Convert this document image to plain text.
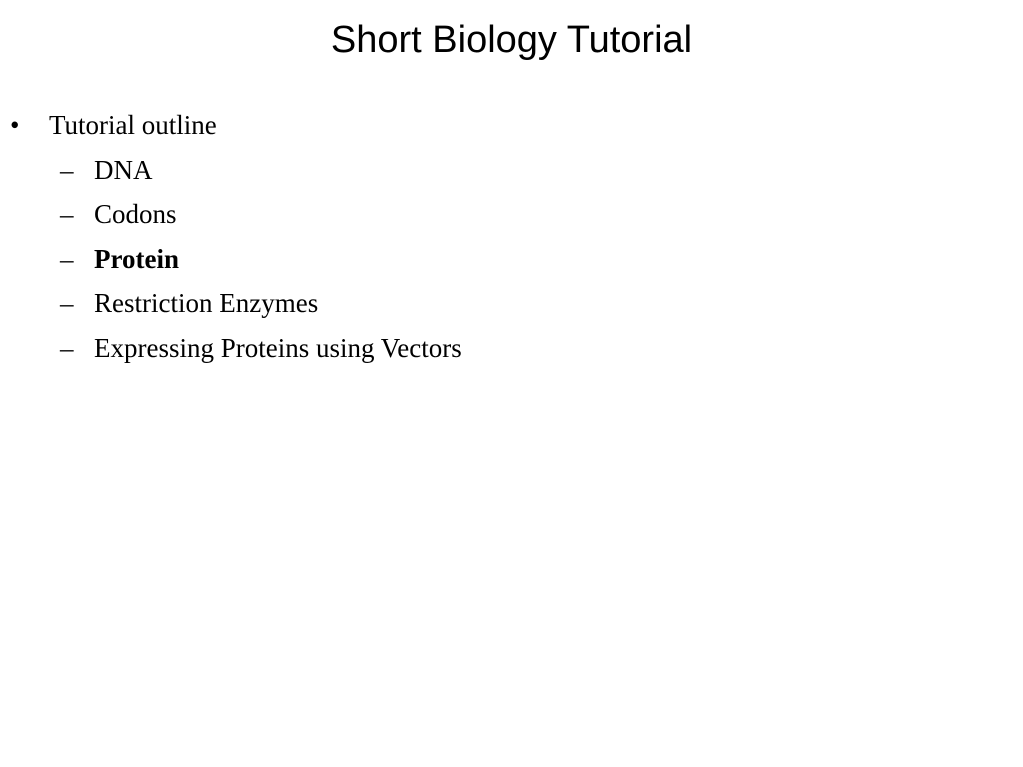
Short Biology Tutorial
• Tutorial outline
– DNA
– Codons
– Protein
– Restriction Enzymes
– Expressing Proteins using Vectors
